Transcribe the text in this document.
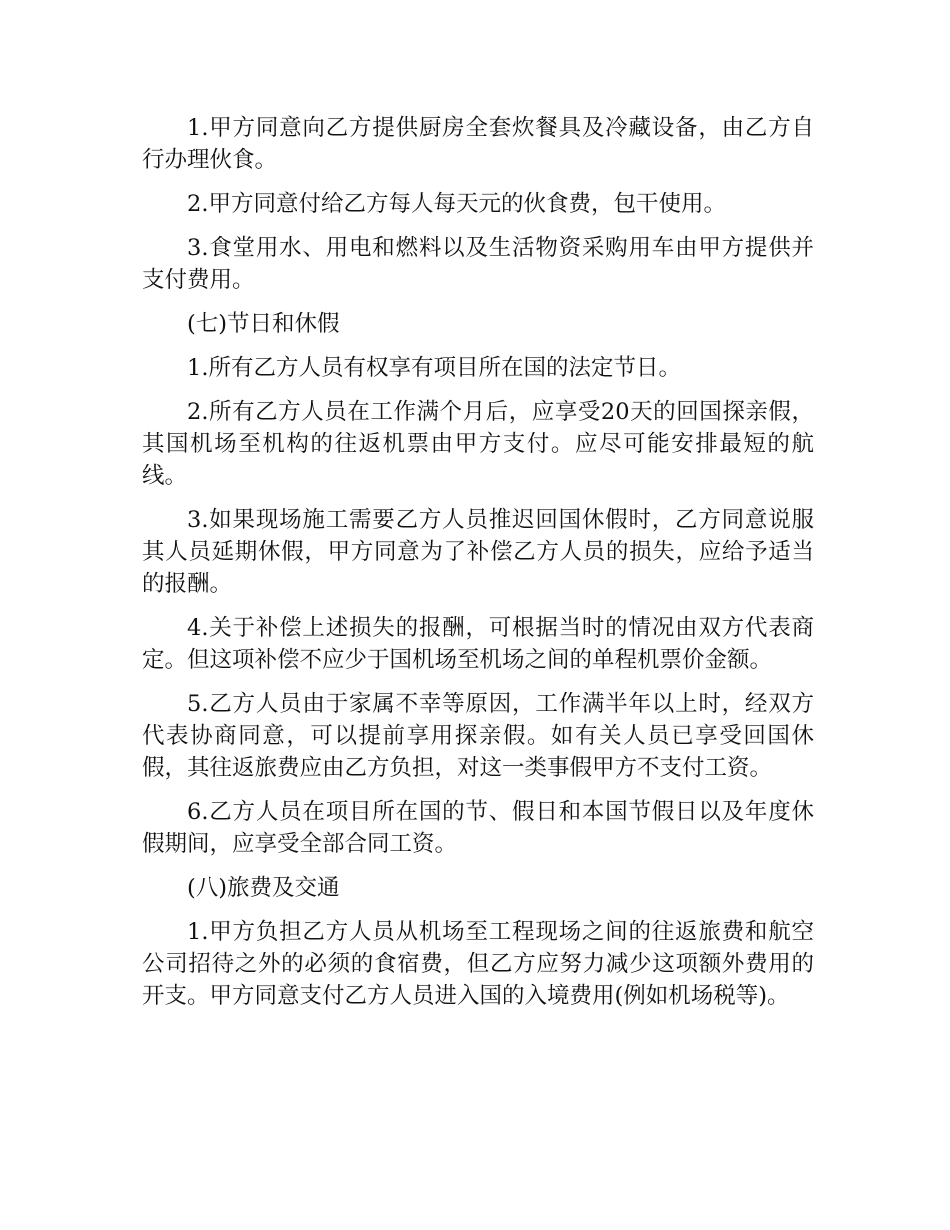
1.甲方同意向乙方提供厨房全套炊餐具及冷藏设备，由乙方自行办理伙食。

2.甲方同意付给乙方每人每天元的伙食费，包干使用。

3.食堂用水、用电和燃料以及生活物资采购用车由甲方提供并支付费用。

(七)节日和休假

1.所有乙方人员有权享有项目所在国的法定节日。

2.所有乙方人员在工作满个月后，应享受20天的回国探亲假，其国机场至机构的往返机票由甲方支付。应尽可能安排最短的航线。

3.如果现场施工需要乙方人员推迟回国休假时，乙方同意说服其人员延期休假，甲方同意为了补偿乙方人员的损失，应给予适当的报酬。

4.关于补偿上述损失的报酬，可根据当时的情况由双方代表商定。但这项补偿不应少于国机场至机场之间的单程机票价金额。

5.乙方人员由于家属不幸等原因，工作满半年以上时，经双方代表协商同意，可以提前享用探亲假。如有关人员已享受回国休假，其往返旅费应由乙方负担，对这一类事假甲方不支付工资。

6.乙方人员在项目所在国的节、假日和本国节假日以及年度休假期间，应享受全部合同工资。

(八)旅费及交通

1.甲方负担乙方人员从机场至工程现场之间的往返旅费和航空公司招待之外的必须的食宿费，但乙方应努力减少这项额外费用的开支。甲方同意支付乙方人员进入国的入境费用(例如机场税等)。
